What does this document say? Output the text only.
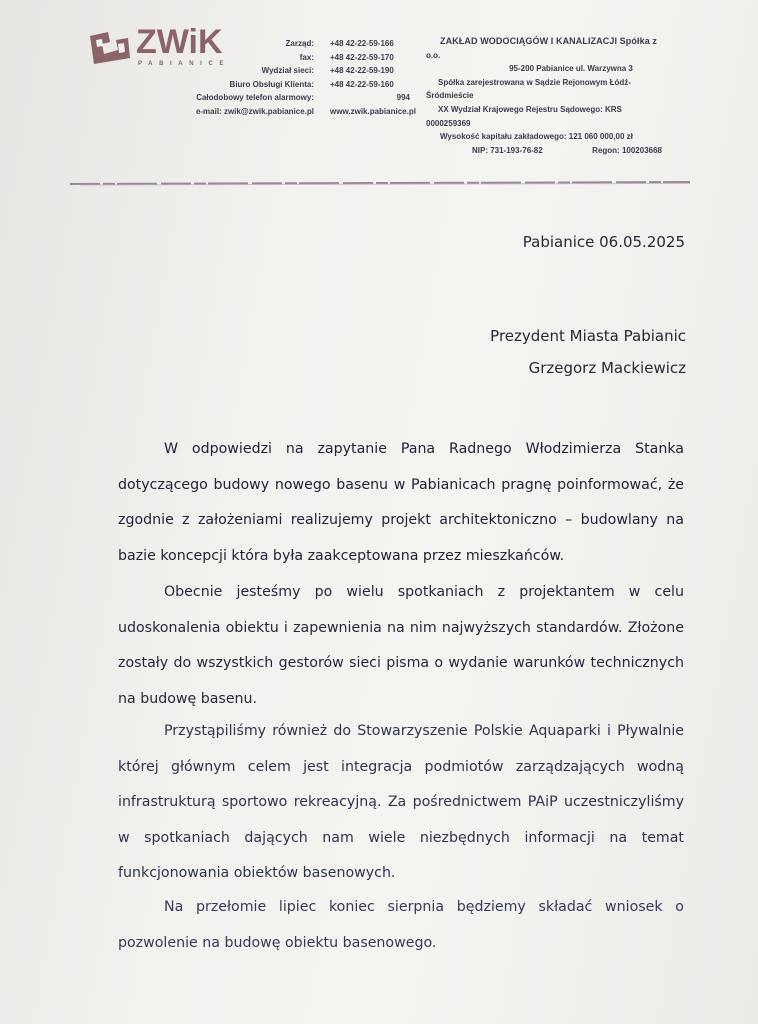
ZWiK
PABIANICE
Zarząd:
fax:
Wydział sieci:
Biuro Obsługi Klienta:
Całodobowy telefon alarmowy:
e-mail: zwik@zwik.pabianice.pl
+48 42-22-59-166
+48 42-22-59-170
+48 42-22-59-190
+48 42-22-59-160
994
www.zwik.pabianice.pl
ZAKŁAD WODOCIĄGÓW I KANALIZACJI Spółka z
o.o.
95-200 Pabianice ul. Warzywna 3
Spółka zarejestrowana w Sądzie Rejonowym Łódź-
Śródmieście
XX Wydział Krajowego Rejestru Sądowego: KRS
0000259369
Wysokość kapitału zakładowego: 121 060 000,00 zł
NIP: 731-193-76-82	Regon: 100203668
Pabianice 06.05.2025
Prezydent Miasta Pabianic
Grzegorz Mackiewicz
W odpowiedzi na zapytanie Pana Radnego Włodzimierza Stanka dotyczącego budowy nowego basenu w Pabianicach pragnę poinformować, że zgodnie z założeniami realizujemy projekt architektoniczno – budowlany na bazie koncepcji która była zaakceptowana przez mieszkańców.
Obecnie jesteśmy po wielu spotkaniach z projektantem w celu udoskonalenia obiektu i zapewnienia na nim najwyższych standardów. Złożone zostały do wszystkich gestorów sieci pisma o wydanie warunków technicznych na budowę basenu.
Przystąpiliśmy również do Stowarzyszenie Polskie Aquaparki i Pływalnie której głównym celem jest integracja podmiotów zarządzających wodną infrastrukturą sportowo rekreacyjną. Za pośrednictwem PAiP uczestniczyliśmy w spotkaniach dających nam wiele niezbędnych informacji na temat funkcjonowania obiektów basenowych.
Na przełomie lipiec koniec sierpnia będziemy składać wniosek o pozwolenie na budowę obiektu basenowego.
